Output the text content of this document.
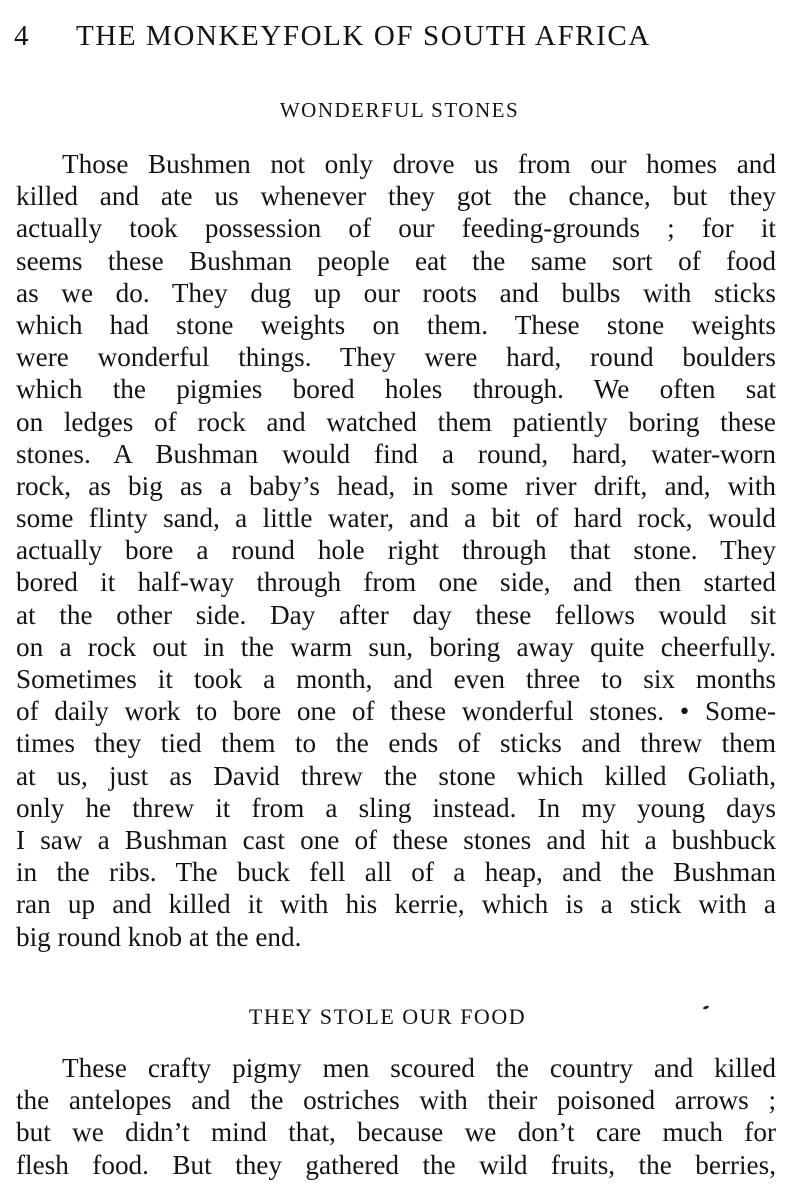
4 THE MONKEYFOLK OF SOUTH AFRICA
WONDERFUL STONES
Those Bushmen not only drove us from our homes and
killed and ate us whenever they got the chance, but they
actually took possession of our feeding-grounds ; for it
seems these Bushman people eat the same sort of food
as we do. They dug up our roots and bulbs with sticks
which had stone weights on them. These stone weights
were wonderful things. They were hard, round boulders
which the pigmies bored holes through. We often sat
on ledges of rock and watched them patiently boring these
stones. A Bushman would find a round, hard, water-worn
rock, as big as a baby’s head, in some river drift, and, with
some flinty sand, a little water, and a bit of hard rock, would
actually bore a round hole right through that stone. They
bored it half-way through from one side, and then started
at the other side. Day after day these fellows would sit
on a rock out in the warm sun, boring away quite cheerfully.
Sometimes it took a month, and even three to six months
of daily work to bore one of these wonderful stones. • Some-
times they tied them to the ends of sticks and threw them
at us, just as David threw the stone which killed Goliath,
only he threw it from a sling instead. In my young days
I saw a Bushman cast one of these stones and hit a bushbuck
in the ribs. The buck fell all of a heap, and the Bushman
ran up and killed it with his kerrie, which is a stick with a
big round knob at the end.
THEY STOLE OUR FOOD
These crafty pigmy men scoured the country and killed
the antelopes and the ostriches with their poisoned arrows ;
but we didn’t mind that, because we don’t care much for
flesh food. But they gathered the wild fruits, the berries,
